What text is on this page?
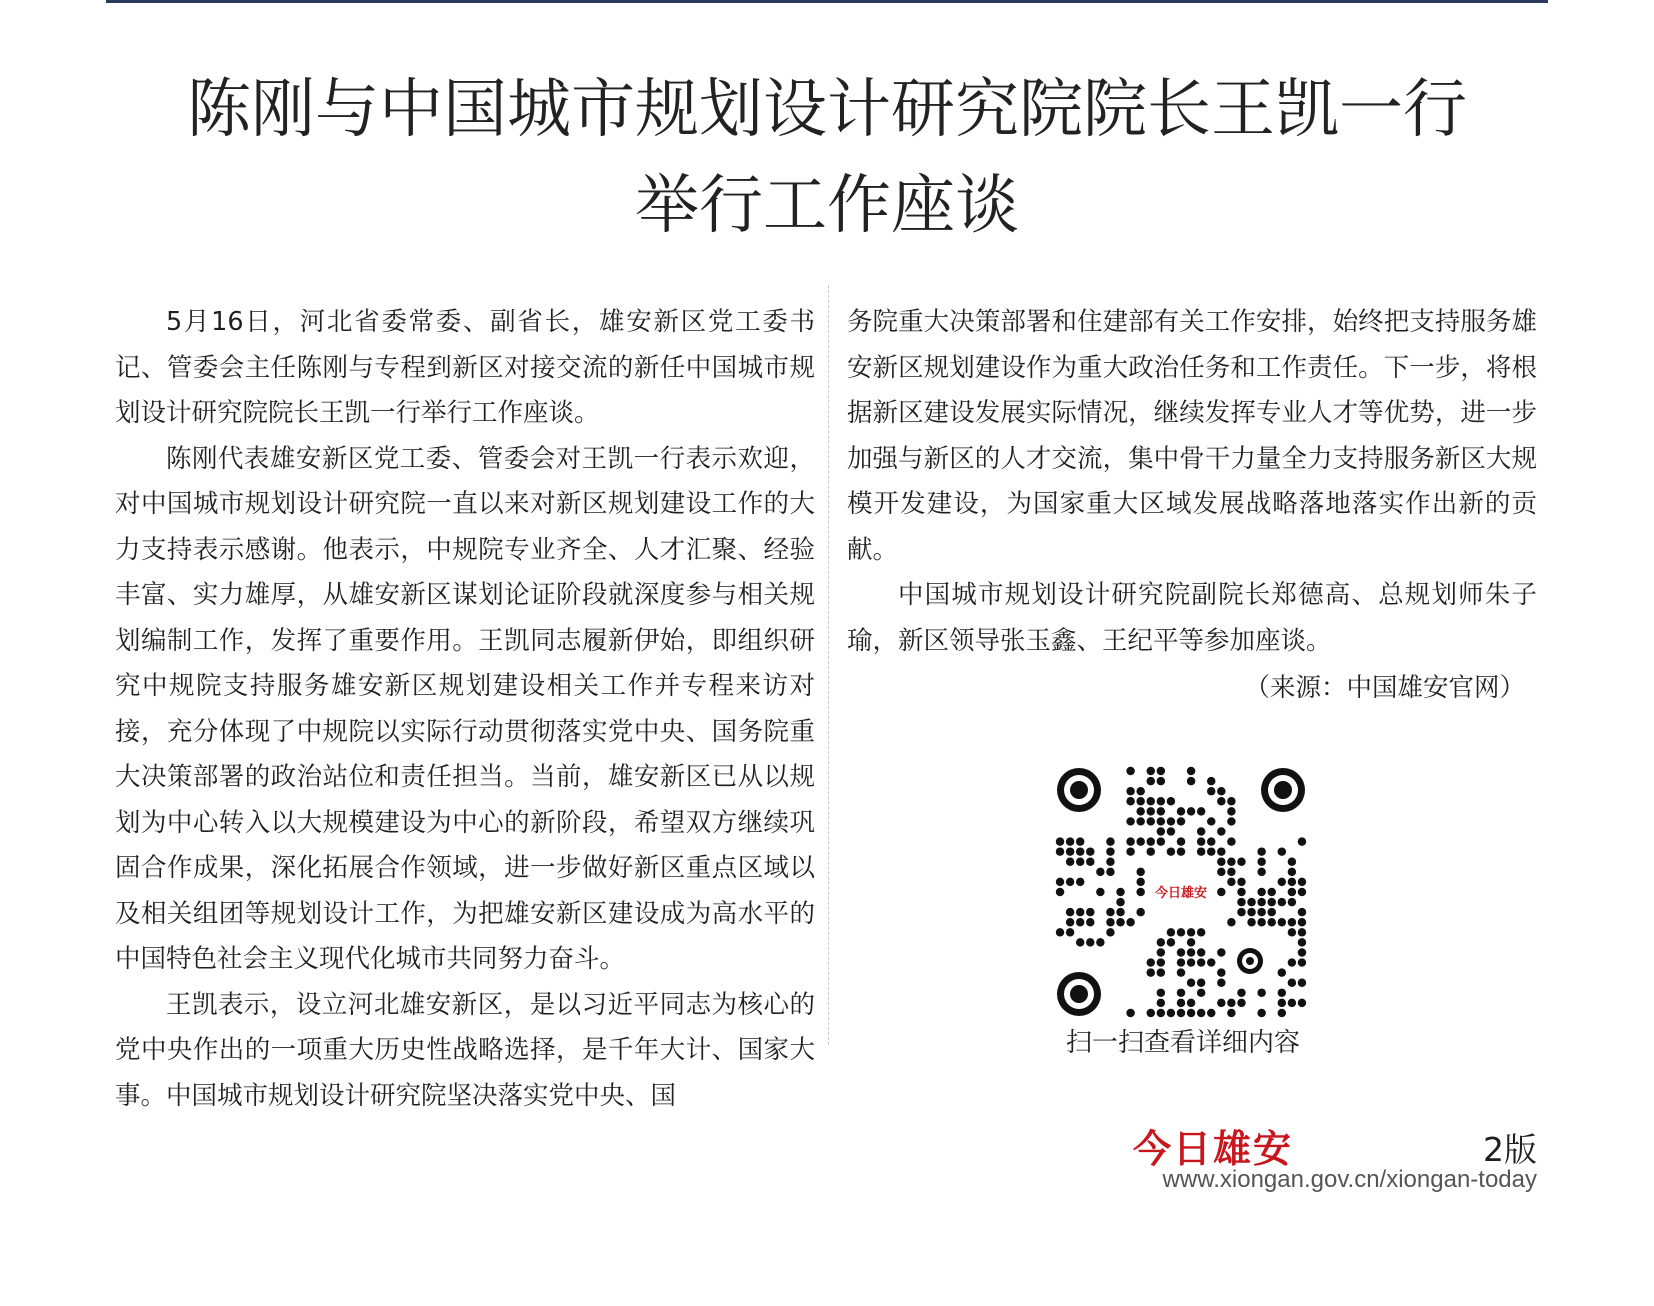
陈刚与中国城市规划设计研究院院长王凯一行
举行工作座谈

5月16日，河北省委常委、副省长，雄安新区党工委书记、管委会主任陈刚与专程到新区对接交流的新任中国城市规划设计研究院院长王凯一行举行工作座谈。

陈刚代表雄安新区党工委、管委会对王凯一行表示欢迎，对中国城市规划设计研究院一直以来对新区规划建设工作的大力支持表示感谢。他表示，中规院专业齐全、人才汇聚、经验丰富、实力雄厚，从雄安新区谋划论证阶段就深度参与相关规划编制工作，发挥了重要作用。王凯同志履新伊始，即组织研究中规院支持服务雄安新区规划建设相关工作并专程来访对接，充分体现了中规院以实际行动贯彻落实党中央、国务院重大决策部署的政治站位和责任担当。当前，雄安新区已从以规划为中心转入以大规模建设为中心的新阶段，希望双方继续巩固合作成果，深化拓展合作领域，进一步做好新区重点区域以及相关组团等规划设计工作，为把雄安新区建设成为高水平的中国特色社会主义现代化城市共同努力奋斗。

王凯表示，设立河北雄安新区，是以习近平同志为核心的党中央作出的一项重大历史性战略选择，是千年大计、国家大事。中国城市规划设计研究院坚决落实党中央、国

务院重大决策部署和住建部有关工作安排，始终把支持服务雄安新区规划建设作为重大政治任务和工作责任。下一步，将根据新区建设发展实际情况，继续发挥专业人才等优势，进一步加强与新区的人才交流，集中骨干力量全力支持服务新区大规模开发建设，为国家重大区域发展战略落地落实作出新的贡献。

中国城市规划设计研究院副院长郑德高、总规划师朱子瑜，新区领导张玉鑫、王纪平等参加座谈。

（来源：中国雄安官网）
今日雄安
扫一扫查看详细内容
今日雄安	2版
www.xiongan.gov.cn/xiongan-today
